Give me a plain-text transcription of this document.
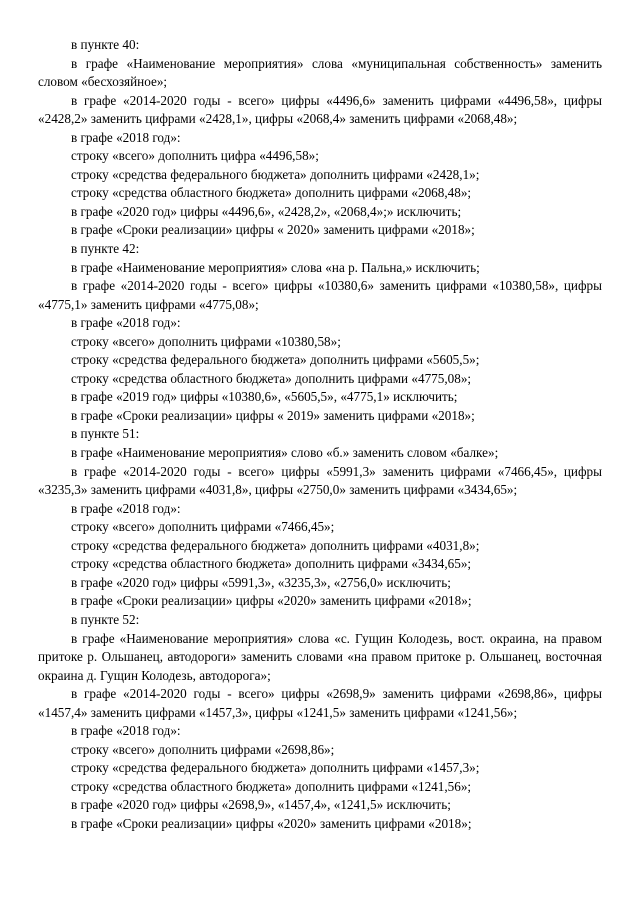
в пункте 40:

в графе «Наименование мероприятия» слова «муниципальная собственность» заменить словом «бесхозяйное»;

в графе «2014-2020 годы - всего» цифры «4496,6» заменить цифрами «4496,58», цифры «2428,2» заменить цифрами «2428,1», цифры «2068,4» заменить цифрами «2068,48»;

в графе «2018 год»:

строку «всего» дополнить цифра «4496,58»;

строку «средства федерального бюджета» дополнить цифрами «2428,1»;

строку «средства областного бюджета» дополнить цифрами «2068,48»;

в графе «2020 год» цифры «4496,6», «2428,2», «2068,4»;» исключить;

в графе «Сроки реализации» цифры « 2020» заменить цифрами «2018»;

в пункте 42:

в графе «Наименование мероприятия» слова «на р. Пальна,» исключить;

в графе «2014-2020 годы - всего» цифры «10380,6» заменить цифрами «10380,58», цифры «4775,1» заменить цифрами «4775,08»;

в графе «2018 год»:

строку «всего» дополнить цифрами «10380,58»;

строку «средства федерального бюджета» дополнить цифрами «5605,5»;

строку «средства областного бюджета» дополнить цифрами «4775,08»;

в графе «2019 год» цифры «10380,6», «5605,5», «4775,1» исключить;

в графе «Сроки реализации» цифры « 2019» заменить цифрами «2018»;

в пункте 51:

в графе «Наименование мероприятия» слово «б.» заменить словом «балке»;

в графе «2014-2020 годы - всего» цифры «5991,3» заменить цифрами «7466,45», цифры «3235,3» заменить цифрами «4031,8», цифры «2750,0» заменить цифрами «3434,65»;

в графе «2018 год»:

строку «всего» дополнить цифрами «7466,45»;

строку «средства федерального бюджета» дополнить цифрами «4031,8»;

строку «средства областного бюджета» дополнить цифрами «3434,65»;

в графе «2020 год» цифры «5991,3», «3235,3», «2756,0» исключить;

в графе «Сроки реализации» цифры «2020» заменить цифрами «2018»;

в пункте 52:

в графе «Наименование мероприятия» слова «с. Гущин Колодезь, вост. окраина, на правом притоке р. Ольшанец, автодороги» заменить словами «на правом притоке р. Ольшанец, восточная окраина д. Гущин Колодезь, автодорога»;

в графе «2014-2020 годы - всего» цифры «2698,9» заменить цифрами «2698,86», цифры «1457,4» заменить цифрами «1457,3», цифры «1241,5» заменить цифрами «1241,56»;

в графе «2018 год»:

строку «всего» дополнить цифрами «2698,86»;

строку «средства федерального бюджета» дополнить цифрами «1457,3»;

строку «средства областного бюджета» дополнить цифрами «1241,56»;

в графе «2020 год» цифры «2698,9», «1457,4», «1241,5» исключить;

в графе «Сроки реализации» цифры «2020» заменить цифрами «2018»;
